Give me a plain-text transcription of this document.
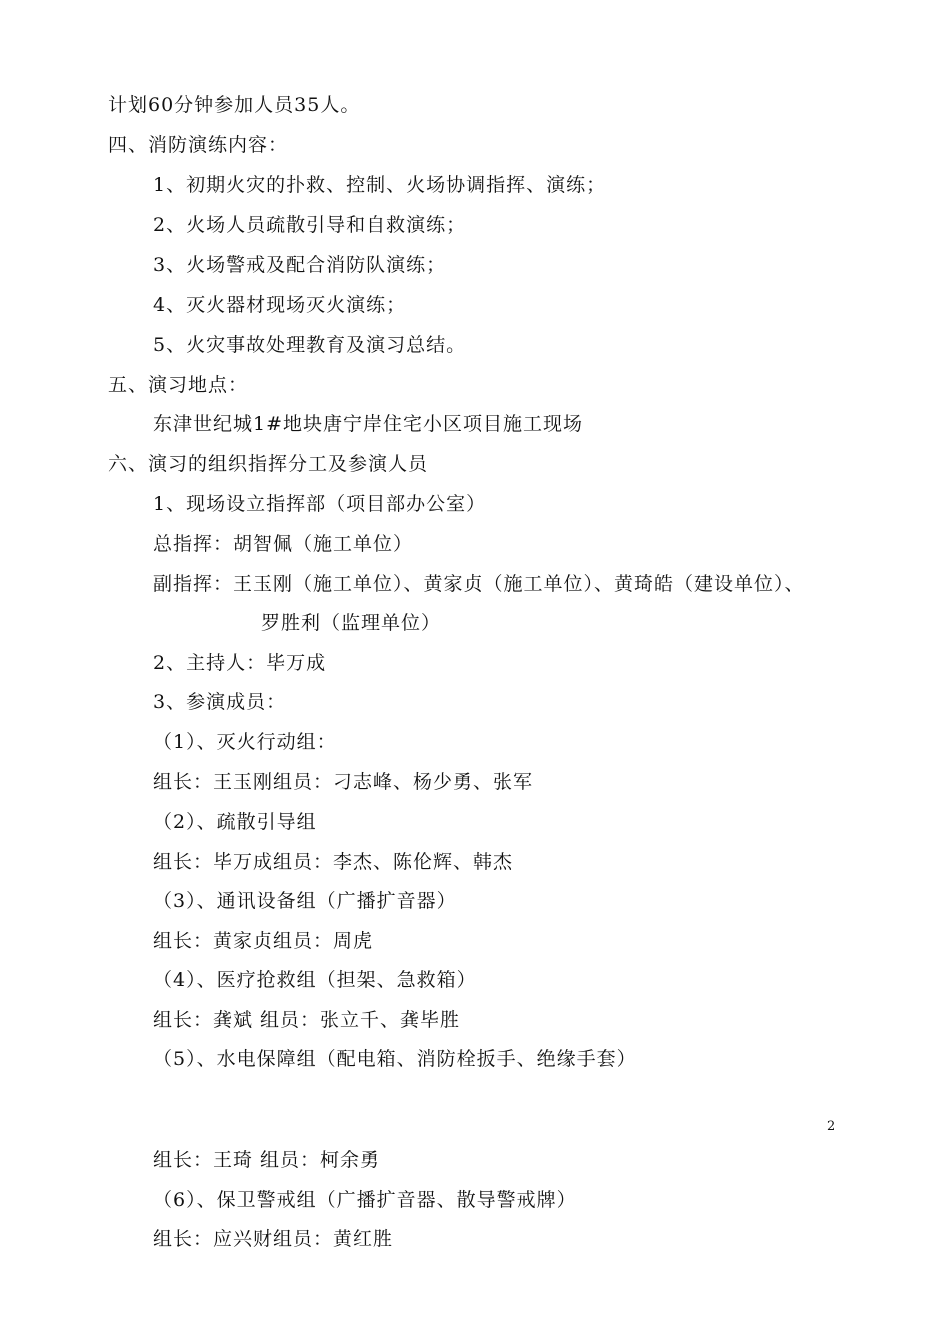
计划60分钟参加人员35人。
四、消防演练内容：
1、初期火灾的扑救、控制、火场协调指挥、演练；
2、火场人员疏散引导和自救演练；
3、火场警戒及配合消防队演练；
4、灭火器材现场灭火演练；
5、火灾事故处理教育及演习总结。
五、演习地点：
东津世纪城1#地块唐宁岸住宅小区项目施工现场
六、演习的组织指挥分工及参演人员
1、现场设立指挥部（项目部办公室）
总指挥：胡智佩（施工单位）
副指挥：王玉刚（施工单位）、黄家贞（施工单位）、黄琦皓（建设单位）、
罗胜利（监理单位）
2、主持人：毕万成
3、参演成员：
（1）、灭火行动组：
组长：王玉刚组员：刁志峰、杨少勇、张军
（2）、疏散引导组
组长：毕万成组员：李杰、陈伦辉、韩杰
（3）、通讯设备组（广播扩音器）
组长：黄家贞组员：周虎
（4）、医疗抢救组（担架、急救箱）
组长：龚斌 组员：张立千、龚毕胜
（5）、水电保障组（配电箱、消防栓扳手、绝缘手套）
2
组长：王琦 组员：柯余勇
（6）、保卫警戒组（广播扩音器、散导警戒牌）
组长：应兴财组员：黄红胜
